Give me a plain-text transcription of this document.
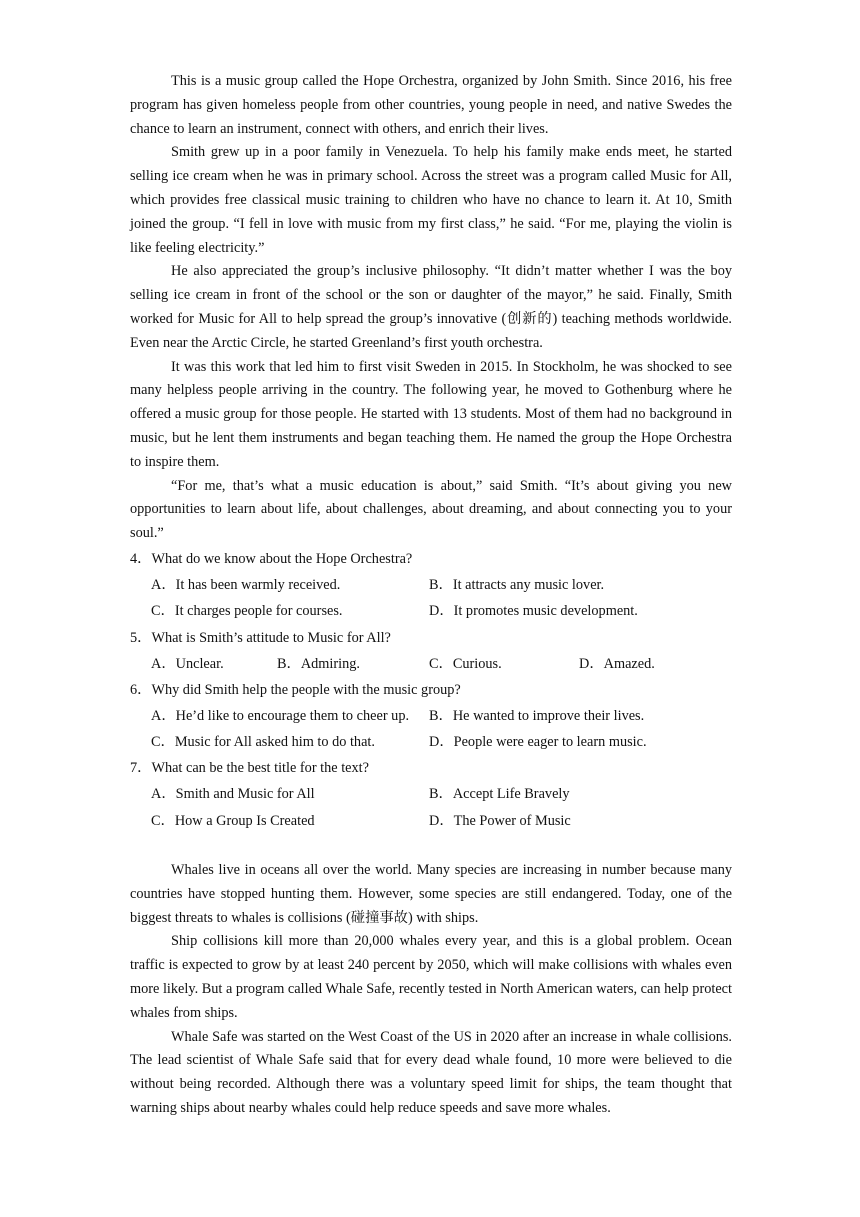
This is a music group called the Hope Orchestra, organized by John Smith. Since 2016, his free program has given homeless people from other countries, young people in need, and native Swedes the chance to learn an instrument, connect with others, and enrich their lives.

Smith grew up in a poor family in Venezuela. To help his family make ends meet, he started selling ice cream when he was in primary school. Across the street was a program called Music for All, which provides free classical music training to children who have no chance to learn it. At 10, Smith joined the group. “I fell in love with music from my first class,” he said. “For me, playing the violin is like feeling electricity.”

He also appreciated the group’s inclusive philosophy. “It didn’t matter whether I was the boy selling ice cream in front of the school or the son or daughter of the mayor,” he said. Finally, Smith worked for Music for All to help spread the group’s innovative (创新的) teaching methods worldwide. Even near the Arctic Circle, he started Greenland’s first youth orchestra.

It was this work that led him to first visit Sweden in 2015. In Stockholm, he was shocked to see many helpless people arriving in the country. The following year, he moved to Gothenburg where he offered a music group for those people. He started with 13 students. Most of them had no background in music, but he lent them instruments and began teaching them. He named the group the Hope Orchestra to inspire them.

“For me, that’s what a music education is about,” said Smith. “It’s about giving you new opportunities to learn about life, about challenges, about dreaming, and about connecting you to your soul.”

4．What do we know about the Hope Orchestra?

A．It has been warmly received.	B．It attracts any music lover.
C．It charges people for courses.	D．It promotes music development.

5．What is Smith’s attitude to Music for All?

A．Unclear.	B．Admiring.	C．Curious.	D．Amazed.

6．Why did Smith help the people with the music group?

A．He’d like to encourage them to cheer up. B．He wanted to improve their lives.
C．Music for All asked him to do that.	D．People were eager to learn music.

7．What can be the best title for the text?

A．Smith and Music for All	B．Accept Life Bravely
C．How a Group Is Created	D．The Power of Music

Whales live in oceans all over the world. Many species are increasing in number because many countries have stopped hunting them. However, some species are still endangered. Today, one of the biggest threats to whales is collisions (碰撞事故) with ships.

Ship collisions kill more than 20,000 whales every year, and this is a global problem. Ocean traffic is expected to grow by at least 240 percent by 2050, which will make collisions with whales even more likely. But a program called Whale Safe, recently tested in North American waters, can help protect whales from ships.

Whale Safe was started on the West Coast of the US in 2020 after an increase in whale collisions. The lead scientist of Whale Safe said that for every dead whale found, 10 more were believed to die without being recorded. Although there was a voluntary speed limit for ships, the team thought that warning ships about nearby whales could help reduce speeds and save more whales.
